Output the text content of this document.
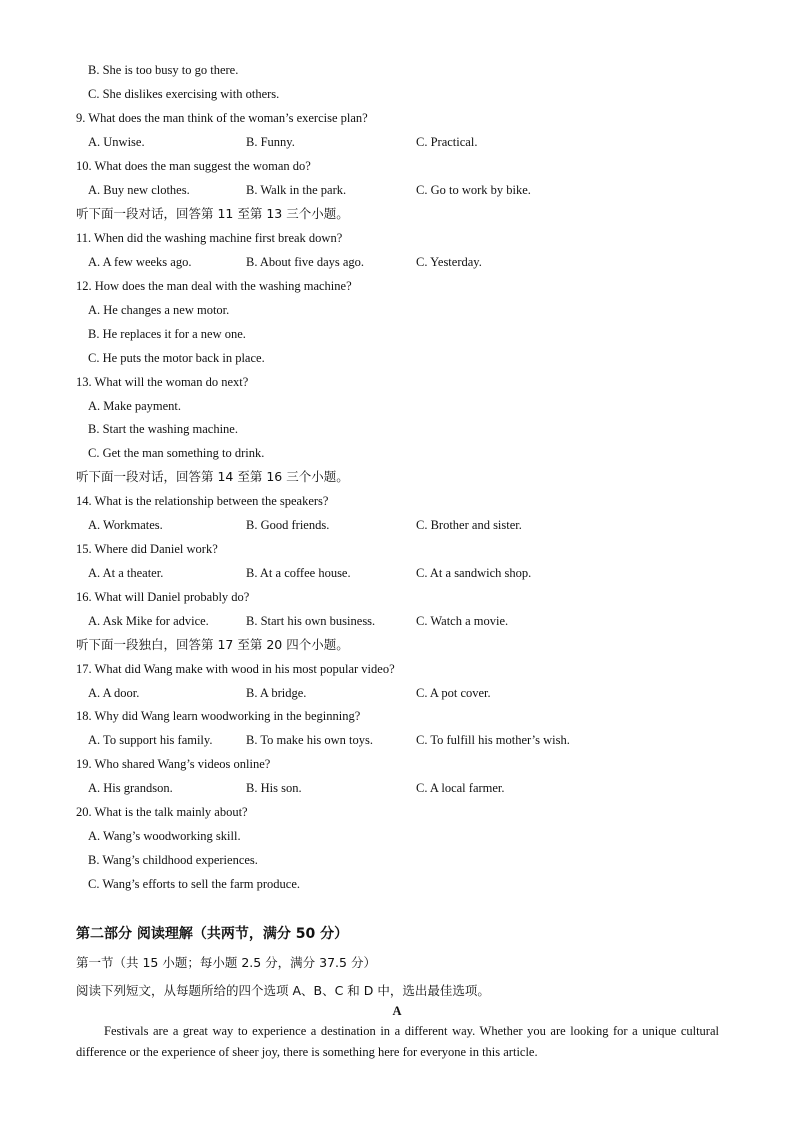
B. She is too busy to go there.
C. She dislikes exercising with others.
9. What does the man think of the woman’s exercise plan?
A. Unwise.	B. Funny.	C. Practical.
10. What does the man suggest the woman do?
A. Buy new clothes.	B. Walk in the park.	C. Go to work by bike.
听下面一段对话，回答第 11 至第 13 三个小题。
11. When did the washing machine first break down?
A. A few weeks ago.	B. About five days ago.	C. Yesterday.
12. How does the man deal with the washing machine?
A. He changes a new motor.
B. He replaces it for a new one.
C. He puts the motor back in place.
13. What will the woman do next?
A. Make payment.
B. Start the washing machine.
C. Get the man something to drink.
听下面一段对话，回答第 14 至第 16 三个小题。
14. What is the relationship between the speakers?
A. Workmates.	B. Good friends.	C. Brother and sister.
15. Where did Daniel work?
A. At a theater.	B. At a coffee house.	C. At a sandwich shop.
16. What will Daniel probably do?
A. Ask Mike for advice.	B. Start his own business.	C. Watch a movie.
听下面一段独白，回答第 17 至第 20 四个小题。
17. What did Wang make with wood in his most popular video?
A. A door.	B. A bridge.	C. A pot cover.
18. Why did Wang learn woodworking in the beginning?
A. To support his family.	B. To make his own toys.	C. To fulfill his mother’s wish.
19. Who shared Wang’s videos online?
A. His grandson.	B. His son.	C. A local farmer.
20. What is the talk mainly about?
A. Wang’s woodworking skill.
B. Wang’s childhood experiences.
C. Wang’s efforts to sell the farm produce.
第二部分 阅读理解（共两节，满分 50 分）
第一节（共 15 小题；每小题 2.5 分，满分 37.5 分）
阅读下列短文，从每题所给的四个选项 A、B、C 和 D 中，选出最佳选项。
A
Festivals are a great way to experience a destination in a different way. Whether you are looking for a unique cultural difference or the experience of sheer joy, there is something here for everyone in this article.
